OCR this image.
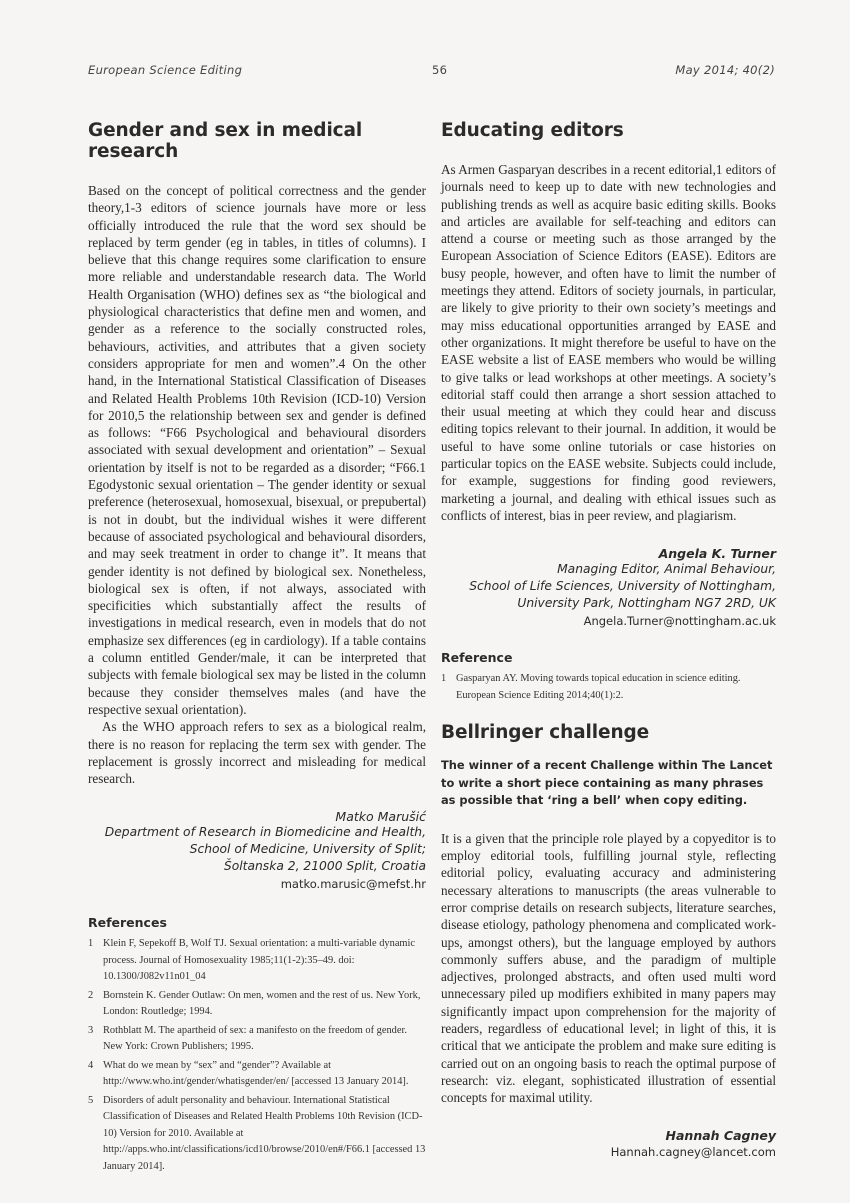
European Science Editing	56	May 2014; 40(2)
Gender and sex in medical research

Based on the concept of political correctness and the gender theory,1-3 editors of science journals have more or less officially introduced the rule that the word sex should be replaced by term gender (eg in tables, in titles of columns). I believe that this change requires some clarification to ensure more reliable and understandable research data. The World Health Organisation (WHO) defines sex as “the biological and physiological characteristics that define men and women, and gender as a reference to the socially constructed roles, behaviours, activities, and attributes that a given society considers appropriate for men and women”.4 On the other hand, in the International Statistical Classification of Diseases and Related Health Problems 10th Revision (ICD-10) Version for 2010,5 the relationship between sex and gender is defined as follows: “F66 Psychological and behavioural disorders associated with sexual development and orientation” – Sexual orientation by itself is not to be regarded as a disorder; “F66.1 Egodystonic sexual orientation – The gender identity or sexual preference (heterosexual, homosexual, bisexual, or prepubertal) is not in doubt, but the individual wishes it were different because of associated psychological and behavioural disorders, and may seek treatment in order to change it”. It means that gender identity is not defined by biological sex. Nonetheless, biological sex is often, if not always, associated with specificities which substantially affect the results of investigations in medical research, even in models that do not emphasize sex differences (eg in cardiology). If a table contains a column entitled Gender/male, it can be interpreted that subjects with female biological sex may be listed in the column because they consider themselves males (and have the respective sexual orientation).

As the WHO approach refers to sex as a biological realm, there is no reason for replacing the term sex with gender. The replacement is grossly incorrect and misleading for medical research.

Matko Marušić
Department of Research in Biomedicine and Health,
School of Medicine, University of Split;
Šoltanska 2, 21000 Split, Croatia
matko.marusic@mefst.hr
References
1 Klein F, Sepekoff B, Wolf TJ. Sexual orientation: a multi-variable dynamic process. Journal of Homosexuality 1985;11(1-2):35–49. doi: 10.1300/J082v11n01_04
2 Bornstein K. Gender Outlaw: On men, women and the rest of us. New York, London: Routledge; 1994.
3 Rothblatt M. The apartheid of sex: a manifesto on the freedom of gender. New York: Crown Publishers; 1995.
4 What do we mean by “sex” and “gender”? Available at http://www.who.int/gender/whatisgender/en/ [accessed 13 January 2014].
5 Disorders of adult personality and behaviour. International Statistical Classification of Diseases and Related Health Problems 10th Revision (ICD-10) Version for 2010. Available at http://apps.who.int/classifications/icd10/browse/2010/en#/F66.1 [accessed 13 January 2014].
Educating editors

As Armen Gasparyan describes in a recent editorial,1 editors of journals need to keep up to date with new technologies and publishing trends as well as acquire basic editing skills. Books and articles are available for self-teaching and editors can attend a course or meeting such as those arranged by the European Association of Science Editors (EASE). Editors are busy people, however, and often have to limit the number of meetings they attend. Editors of society journals, in particular, are likely to give priority to their own society’s meetings and may miss educational opportunities arranged by EASE and other organizations. It might therefore be useful to have on the EASE website a list of EASE members who would be willing to give talks or lead workshops at other meetings. A society’s editorial staff could then arrange a short session attached to their usual meeting at which they could hear and discuss editing topics relevant to their journal. In addition, it would be useful to have some online tutorials or case histories on particular topics on the EASE website. Subjects could include, for example, suggestions for finding good reviewers, marketing a journal, and dealing with ethical issues such as conflicts of interest, bias in peer review, and plagiarism.

Angela K. Turner
Managing Editor, Animal Behaviour,
School of Life Sciences, University of Nottingham,
University Park, Nottingham NG7 2RD, UK
Angela.Turner@nottingham.ac.uk
Reference
1 Gasparyan AY. Moving towards topical education in science editing. European Science Editing 2014;40(1):2.
Bellringer challenge

The winner of a recent Challenge within The Lancet to write a short piece containing as many phrases as possible that ‘ring a bell’ when copy editing.

It is a given that the principle role played by a copyeditor is to employ editorial tools, fulfilling journal style, reflecting editorial policy, evaluating accuracy and administering necessary alterations to manuscripts (the areas vulnerable to error comprise details on research subjects, literature searches, disease etiology, pathology phenomena and complicated work-ups, amongst others), but the language employed by authors commonly suffers abuse, and the paradigm of multiple adjectives, prolonged abstracts, and often used multi word unnecessary piled up modifiers exhibited in many papers may significantly impact upon comprehension for the majority of readers, regardless of educational level; in light of this, it is critical that we anticipate the problem and make sure editing is carried out on an ongoing basis to reach the optimal purpose of research: viz. elegant, sophisticated illustration of essential concepts for maximal utility.

Hannah Cagney
Hannah.cagney@lancet.com
